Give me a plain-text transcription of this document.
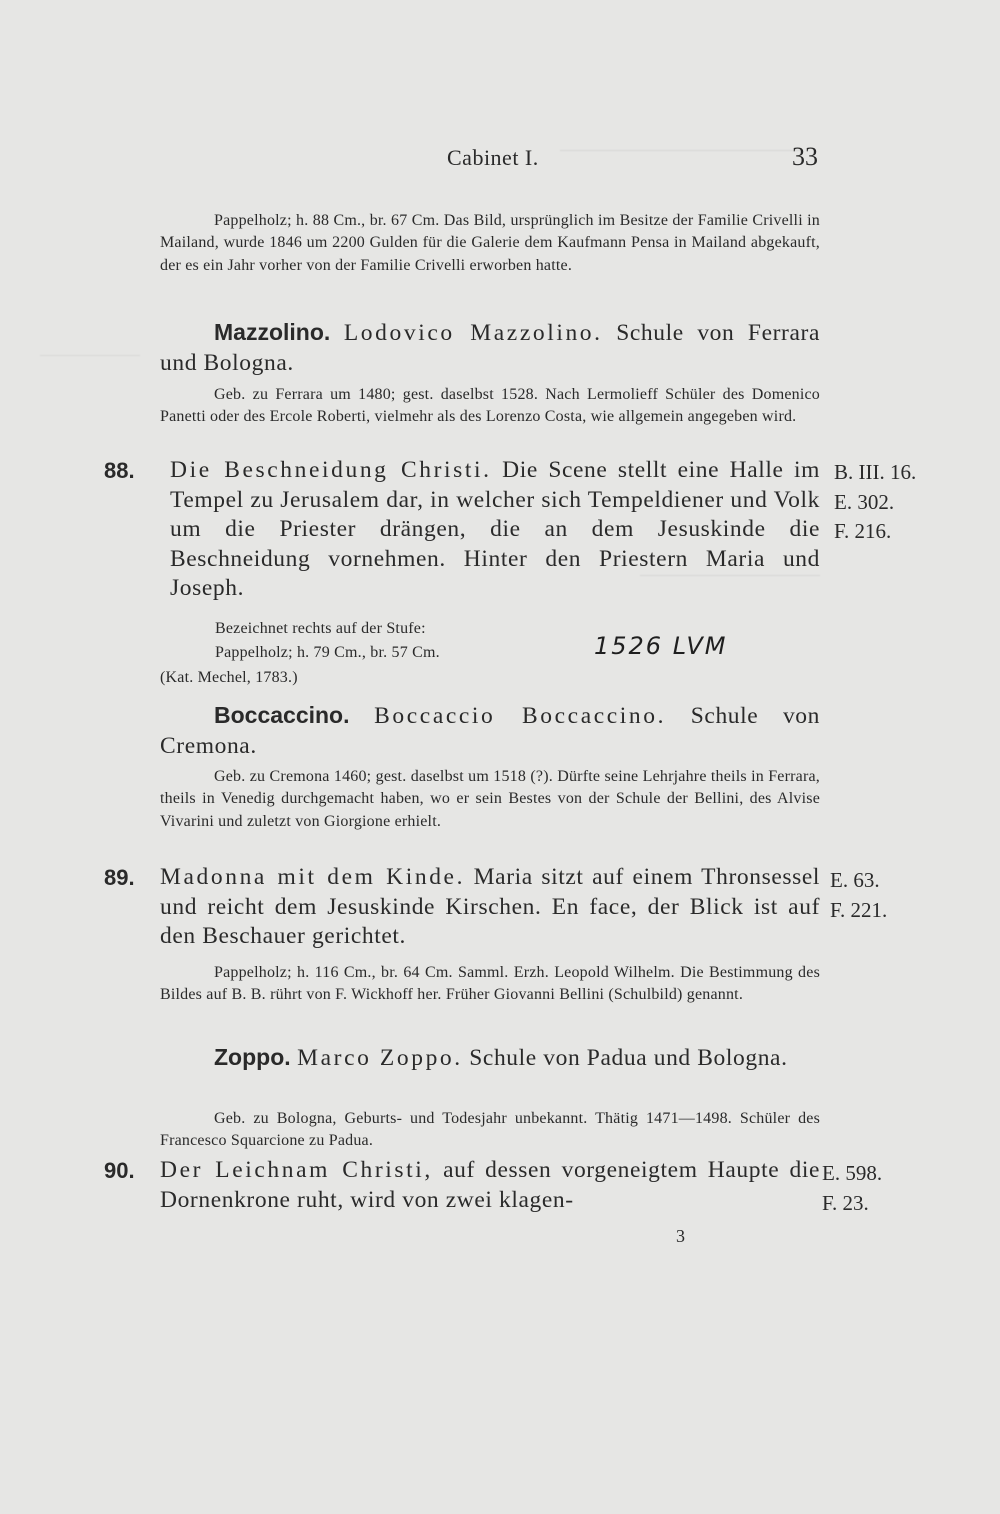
Cabinet I.	33
Pappelholz; h. 88 Cm., br. 67 Cm. Das Bild, ursprünglich im Besitze der Familie Crivelli in Mailand, wurde 1846 um 2200 Gulden für die Galerie dem Kaufmann Pensa in Mailand abgekauft, der es ein Jahr vorher von der Familie Crivelli erworben hatte.
Mazzolino. Lodovico Mazzolino. Schule von Ferrara und Bologna.
Geb. zu Ferrara um 1480; gest. daselbst 1528. Nach Lermolieff Schüler des Domenico Panetti oder des Ercole Roberti, vielmehr als des Lorenzo Costa, wie allgemein angegeben wird.
88. Die Beschneidung Christi. Die Scene stellt eine Halle im Tempel zu Jerusalem dar, in welcher sich Tempeldiener und Volk um die Priester drängen, die an dem Jesuskinde die Beschneidung vornehmen. Hinter den Priestern Maria und Joseph.
B. III. 16.
E. 302.
F. 216.
Bezeichnet rechts auf der Stufe:
Pappelholz; h. 79 Cm., br. 57 Cm.	1526 LVM
(Kat. Mechel, 1783.)
Boccaccino. Boccaccio Boccaccino. Schule von Cremona.
Geb. zu Cremona 1460; gest. daselbst um 1518 (?). Dürfte seine Lehrjahre theils in Ferrara, theils in Venedig durchgemacht haben, wo er sein Bestes von der Schule der Bellini, des Alvise Vivarini und zuletzt von Giorgione erhielt.
89. Madonna mit dem Kinde. Maria sitzt auf einem Thronsessel und reicht dem Jesuskinde Kirschen. En face, der Blick ist auf den Beschauer gerichtet.
E. 63.
F. 221.
Pappelholz; h. 116 Cm., br. 64 Cm. Samml. Erzh. Leopold Wilhelm. Die Bestimmung des Bildes auf B. B. rührt von F. Wickhoff her. Früher Giovanni Bellini (Schulbild) genannt.
Zoppo. Marco Zoppo. Schule von Padua und Bologna.
Geb. zu Bologna, Geburts- und Todesjahr unbekannt. Thätig 1471—1498. Schüler des Francesco Squarcione zu Padua.
90. Der Leichnam Christi, auf dessen vorgeneigtem Haupte die Dornenkrone ruht, wird von zwei klagen-
E. 598.
F. 23.
3
